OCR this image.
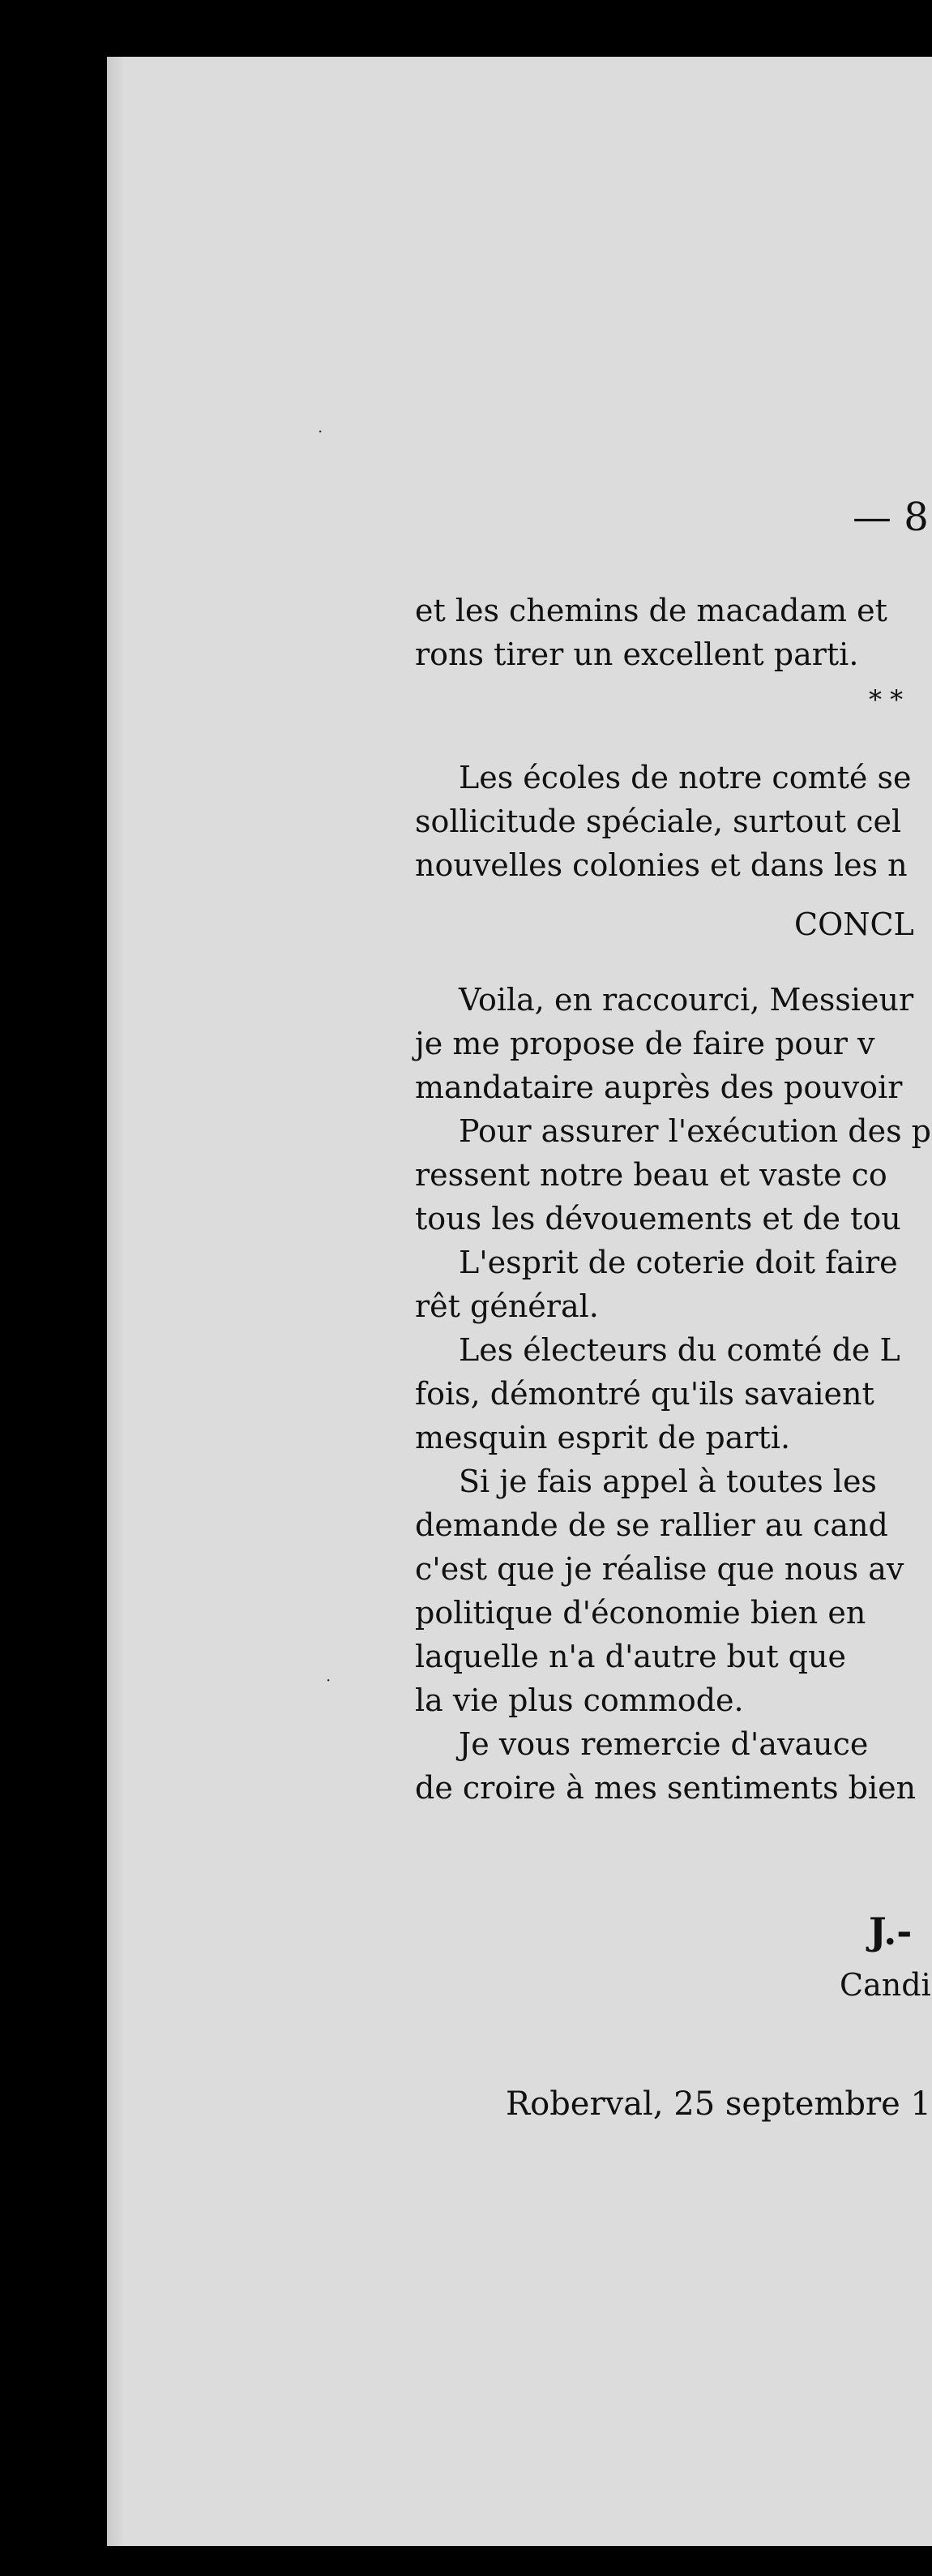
— 8
et les chemins de macadam et
rons tirer un excellent parti.
* *
Les écoles de notre comté se
sollicitude spéciale, surtout cel
nouvelles colonies et dans les n
CONCL
Voila, en raccourci, Messieur
je me propose de faire pour v
mandataire auprès des pouvoir
Pour assurer l'exécution des p
ressent notre beau et vaste co
tous les dévouements et de tou
L'esprit de coterie doit faire
rêt général.
Les électeurs du comté de L
fois, démontré qu'ils savaient
mesquin esprit de parti.
Si je fais appel à toutes les
demande de se rallier au cand
c'est que je réalise que nous av
politique d'économie bien en
laquelle n'a d'autre but que
la vie plus commode.
Je vous remercie d'avauce
de croire à mes sentiments bien
J.-
Candi
Roberval, 25 septembre 1
·
·
